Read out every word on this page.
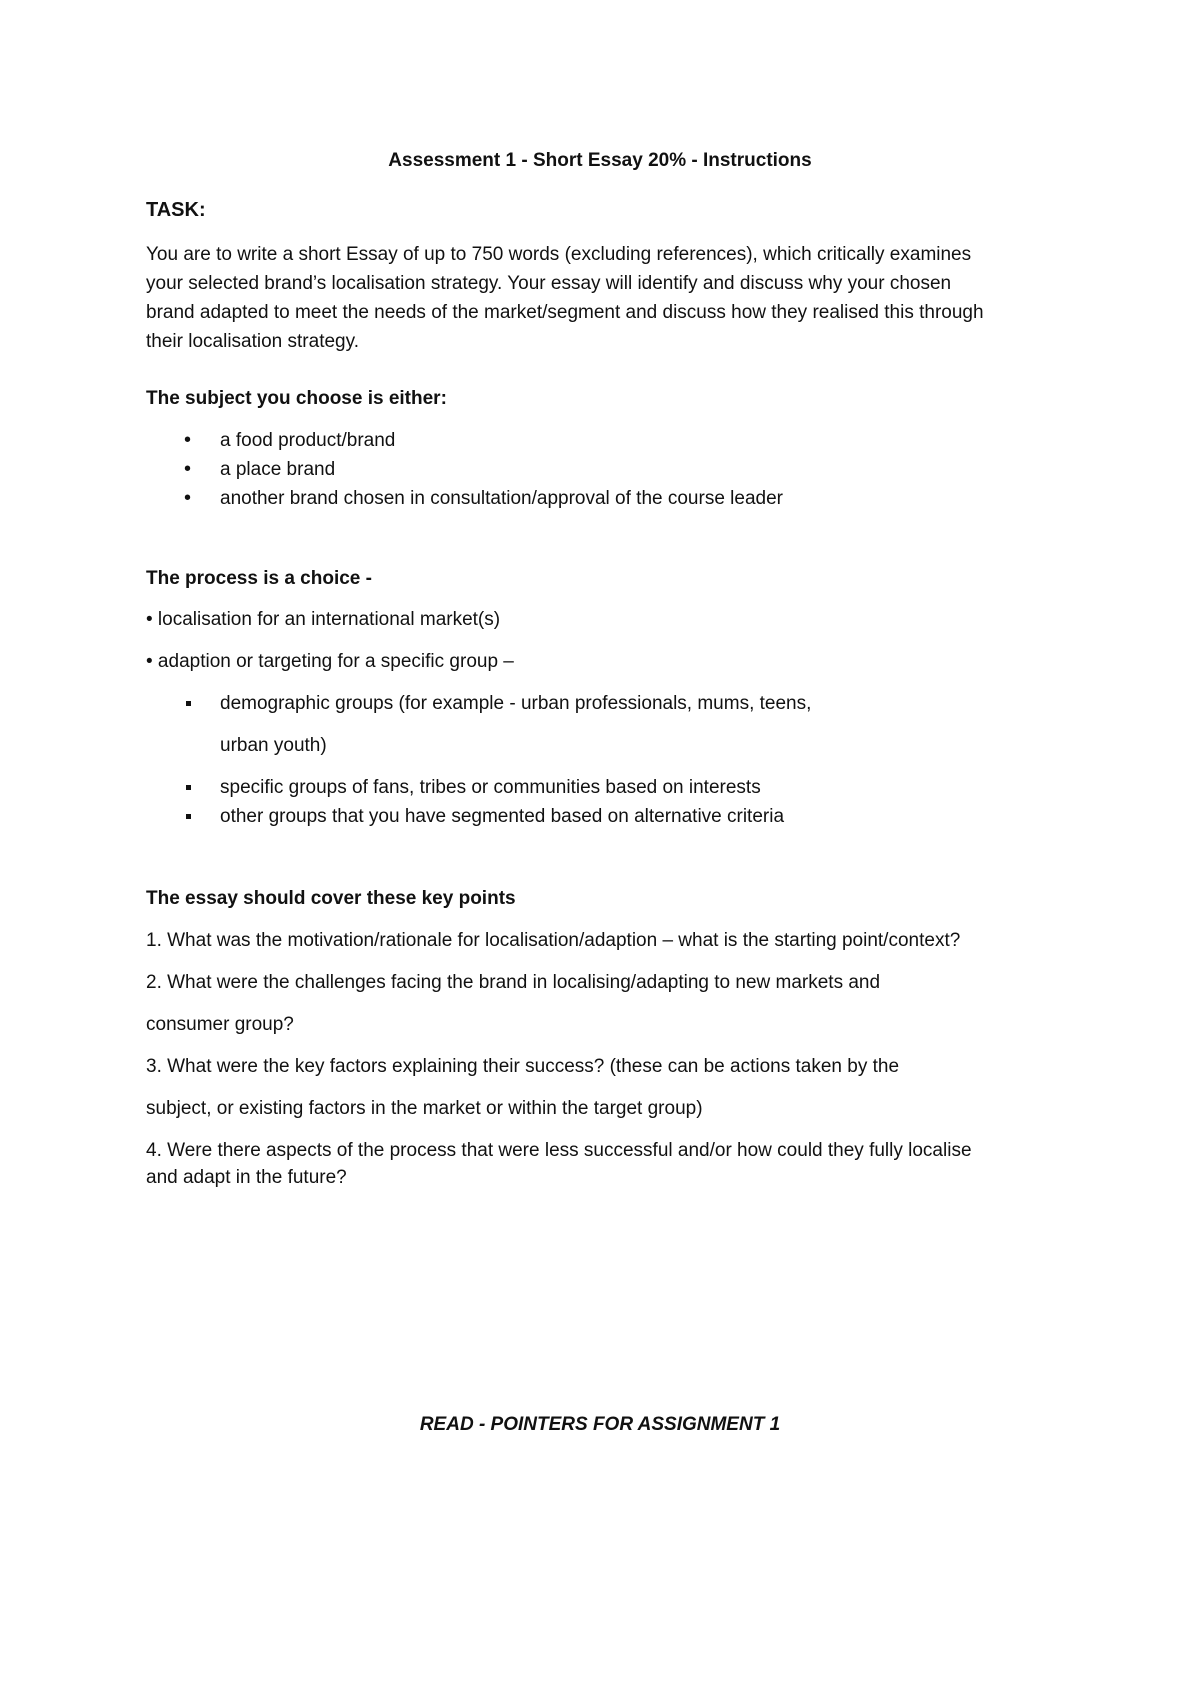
Assessment 1 - Short Essay 20% - Instructions
TASK:
You are to write a short Essay of up to 750 words (excluding references), which critically examines
your selected brand’s localisation strategy. Your essay will identify and discuss why your chosen
brand adapted to meet the needs of the market/segment and discuss how they realised this through
their localisation strategy.
The subject you choose is either:
• a food product/brand
• a place brand
• another brand chosen in consultation/approval of the course leader
The process is a choice -
• localisation for an international market(s)
• adaption or targeting for a specific group –
demographic groups (for example - urban professionals, mums, teens,
urban youth)
specific groups of fans, tribes or communities based on interests
other groups that you have segmented based on alternative criteria
The essay should cover these key points
1. What was the motivation/rationale for localisation/adaption – what is the starting point/context?
2. What were the challenges facing the brand in localising/adapting to new markets and
consumer group?
3. What were the key factors explaining their success? (these can be actions taken by the
subject, or existing factors in the market or within the target group)
4. Were there aspects of the process that were less successful and/or how could they fully localise
and adapt in the future?
READ - POINTERS FOR ASSIGNMENT 1
